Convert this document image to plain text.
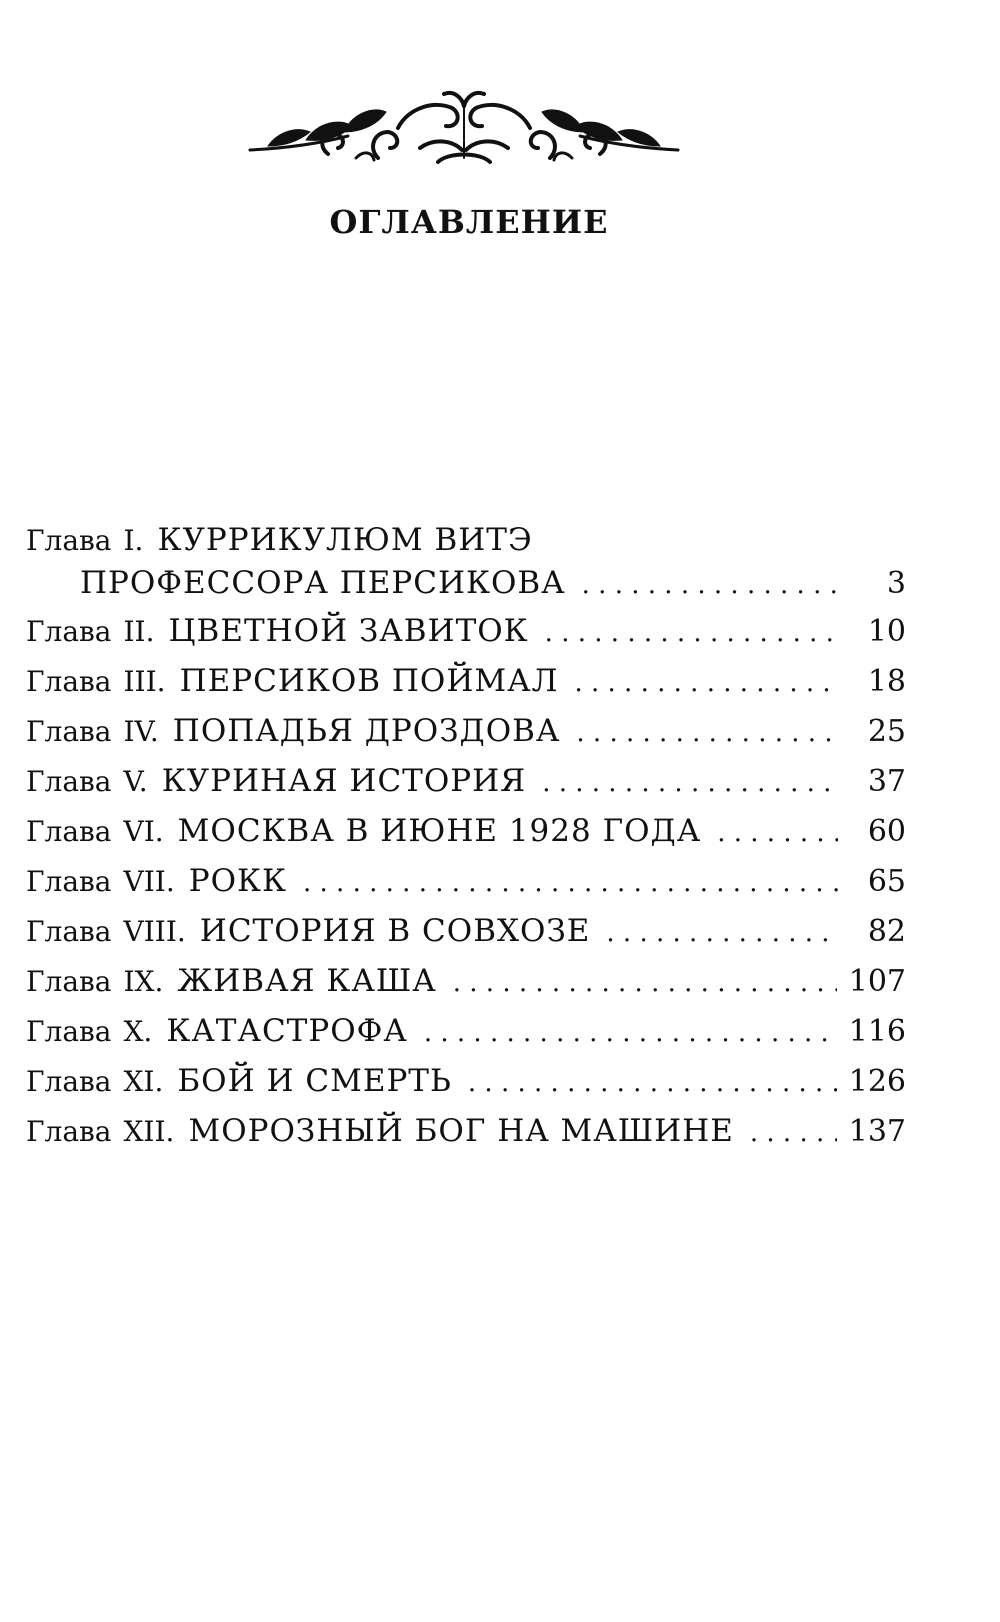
ОГЛАВЛЕНИЕ
Глава I. КУРРИКУЛЮМ ВИТЭ
ПРОФЕССОРА ПЕРСИКОВА . . .	3
Глава II. ЦВЕТНОЙ ЗАВИТОК . . .	10
Глава III. ПЕРСИКОВ ПОЙМАЛ . . .	18
Глава IV. ПОПАДЬЯ ДРОЗДОВА . . .	25
Глава V. КУРИНАЯ ИСТОРИЯ . . .	37
Глава VI. МОСКВА В ИЮНЕ 1928 ГОДА . . .	60
Глава VII. РОКК . . .	65
Глава VIII. ИСТОРИЯ В СОВХОЗЕ . . .	82
Глава IX. ЖИВАЯ КАША . . .	107
Глава X. КАТАСТРОФА . . .	116
Глава XI. БОЙ И СМЕРТЬ . . .	126
Глава XII. МОРОЗНЫЙ БОГ НА МАШИНЕ . . .	137
